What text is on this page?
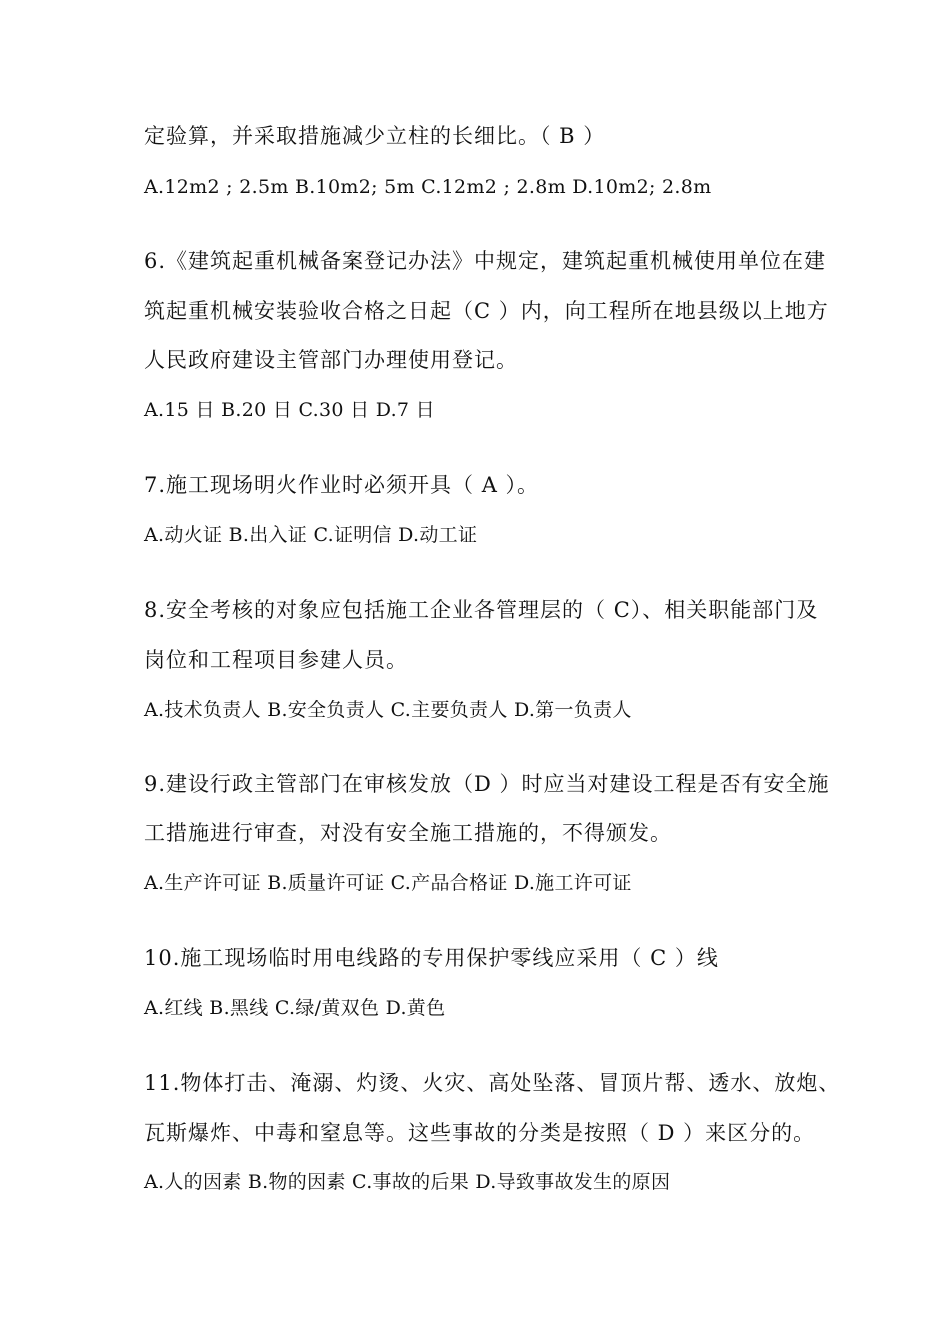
定验算，并采取措施减少立柱的长细比。（ B ）
A.12m2 ; 2.5m B.10m2; 5m C.12m2 ; 2.8m D.10m2; 2.8m
6.《建筑起重机械备案登记办法》中规定，建筑起重机械使用单位在建
筑起重机械安装验收合格之日起（C ）内，向工程所在地县级以上地方
人民政府建设主管部门办理使用登记。
A.15 日 B.20 日 C.30 日 D.7 日
7.施工现场明火作业时必须开具（ A ）。
A.动火证 B.出入证 C.证明信 D.动工证
8.安全考核的对象应包括施工企业各管理层的（ C）、相关职能部门及
岗位和工程项目参建人员。
A.技术负责人 B.安全负责人 C.主要负责人 D.第一负责人
9.建设行政主管部门在审核发放（D ）时应当对建设工程是否有安全施
工措施进行审查，对没有安全施工措施的，不得颁发。
A.生产许可证 B.质量许可证 C.产品合格证 D.施工许可证
10.施工现场临时用电线路的专用保护零线应采用（ C ）线
A.红线 B.黑线 C.绿/黄双色 D.黄色
11.物体打击、淹溺、灼烫、火灾、高处坠落、冒顶片帮、透水、放炮、
瓦斯爆炸、中毒和窒息等。这些事故的分类是按照（ D ）来区分的。
A.人的因素 B.物的因素 C.事故的后果 D.导致事故发生的原因
